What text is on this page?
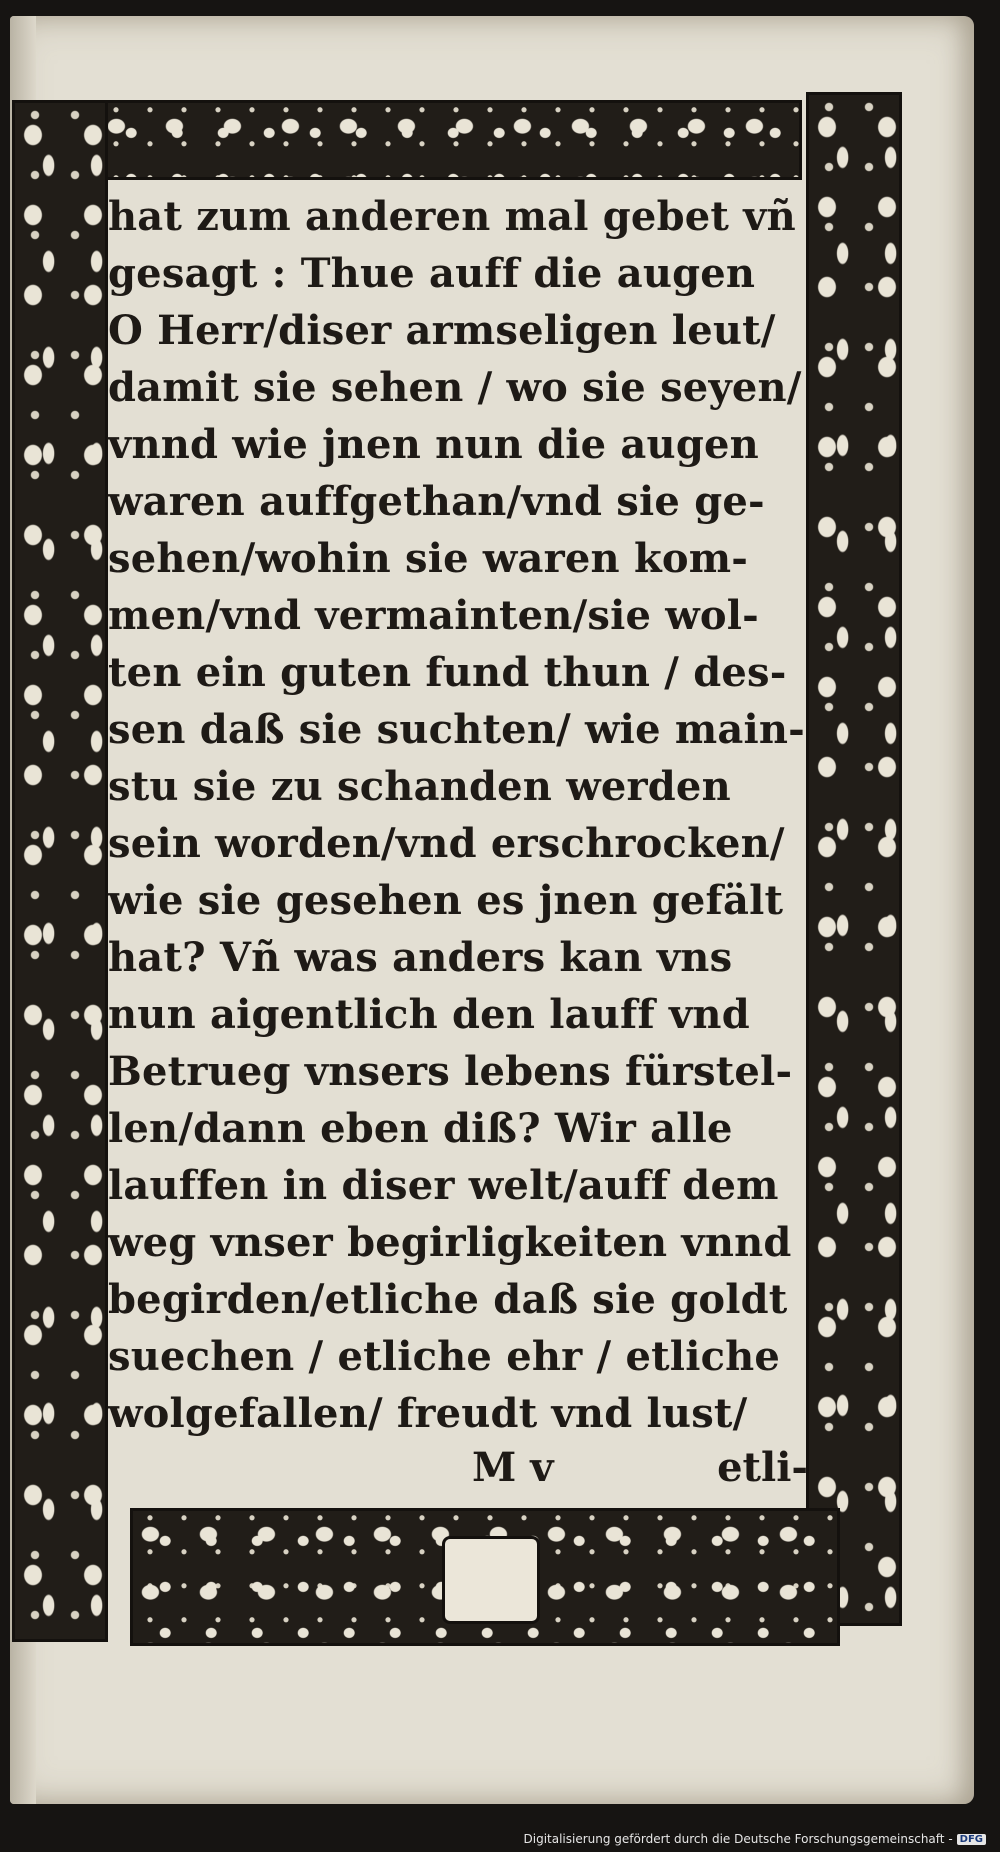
hat zum anderen mal gebet vñ
gesagt : Thue auff die augen
O Herr/diser armseligen leut/
damit sie sehen / wo sie seyen/
vnnd wie jnen nun die augen
waren auffgethan/vnd sie ge-
sehen/wohin sie waren kom-
men/vnd vermainten/sie wol-
ten ein guten fund thun / des-
sen daß sie suchten/ wie main-
stu sie zu schanden werden
sein worden/vnd erschrocken/
wie sie gesehen es jnen gefält
hat? Vñ was anders kan vns
nun aigentlich den lauff vnd
Betrueg vnsers lebens fürstel-
len/dann eben diß? Wir alle
lauffen in diser welt/auff dem
weg vnser begirligkeiten vnnd
begirden/etliche daß sie goldt
suechen / etliche ehr / etliche
wolgefallen/ freudt vnd lust/
M v	etli-
Digitalisierung gefördert durch die Deutsche Forschungsgemeinschaft - DFG
